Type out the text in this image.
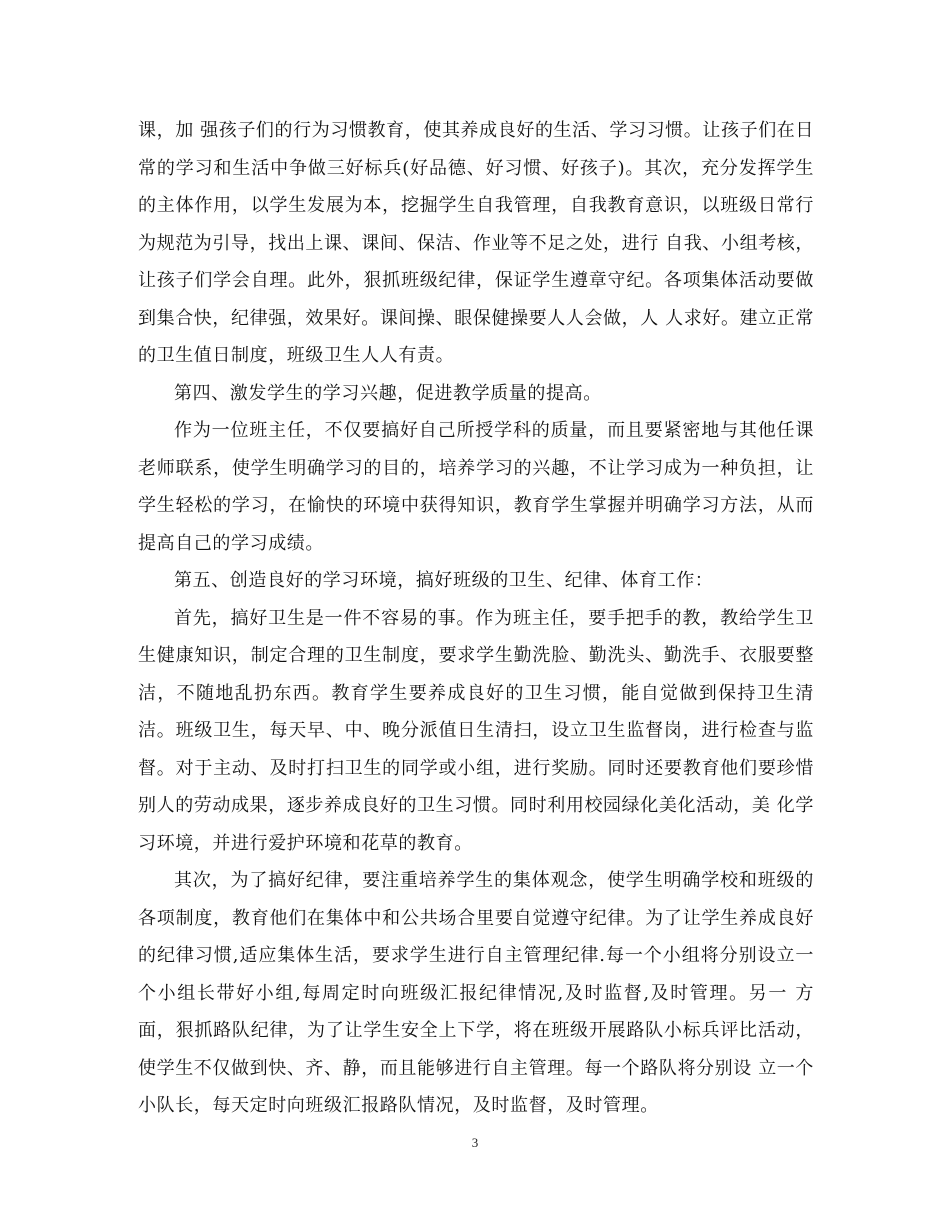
课，加 强孩子们的行为习惯教育，使其养成良好的生活、学习习惯。让孩子们在日常的学习和生活中争做三好标兵(好品德、好习惯、好孩子)。其次，充分发挥学生 的主体作用，以学生发展为本，挖掘学生自我管理，自我教育意识，以班级日常行为规范为引导，找出上课、课间、保洁、作业等不足之处，进行 自我、小组考核，让孩子们学会自理。此外，狠抓班级纪律，保证学生遵章守纪。各项集体活动要做到集合快，纪律强，效果好。课间操、眼保健操要人人会做，人 人求好。建立正常的卫生值日制度，班级卫生人人有责。

第四、激发学生的学习兴趣，促进教学质量的提高。

作为一位班主任，不仅要搞好自己所授学科的质量，而且要紧密地与其他任课老师联系，使学生明确学习的目的，培养学习的兴趣，不让学习成为一种负担，让学生轻松的学习，在愉快的环境中获得知识，教育学生掌握并明确学习方法，从而提高自己的学习成绩。

第五、创造良好的学习环境，搞好班级的卫生、纪律、体育工作：

首先，搞好卫生是一件不容易的事。作为班主任，要手把手的教，教给学生卫生健康知识，制定合理的卫生制度，要求学生勤洗脸、勤洗头、勤洗手、衣服要整 洁，不随地乱扔东西。教育学生要养成良好的卫生习惯，能自觉做到保持卫生清洁。班级卫生，每天早、中、晚分派值日生清扫，设立卫生监督岗，进行检查与监 督。对于主动、及时打扫卫生的同学或小组，进行奖励。同时还要教育他们要珍惜别人的劳动成果，逐步养成良好的卫生习惯。同时利用校园绿化美化活动，美 化学习环境，并进行爱护环境和花草的教育。

其次，为了搞好纪律，要注重培养学生的集体观念，使学生明确学校和班级的各项制度，教育他们在集体中和公共场合里要自觉遵守纪律。为了让学生养成良好 的纪律习惯,适应集体生活，要求学生进行自主管理纪律.每一个小组将分别设立一个小组长带好小组,每周定时向班级汇报纪律情况,及时监督,及时管理。另一 方面，狠抓路队纪律，为了让学生安全上下学，将在班级开展路队小标兵评比活动，使学生不仅做到快、齐、静，而且能够进行自主管理。每一个路队将分别设 立一个小队长，每天定时向班级汇报路队情况，及时监督，及时管理。

3
